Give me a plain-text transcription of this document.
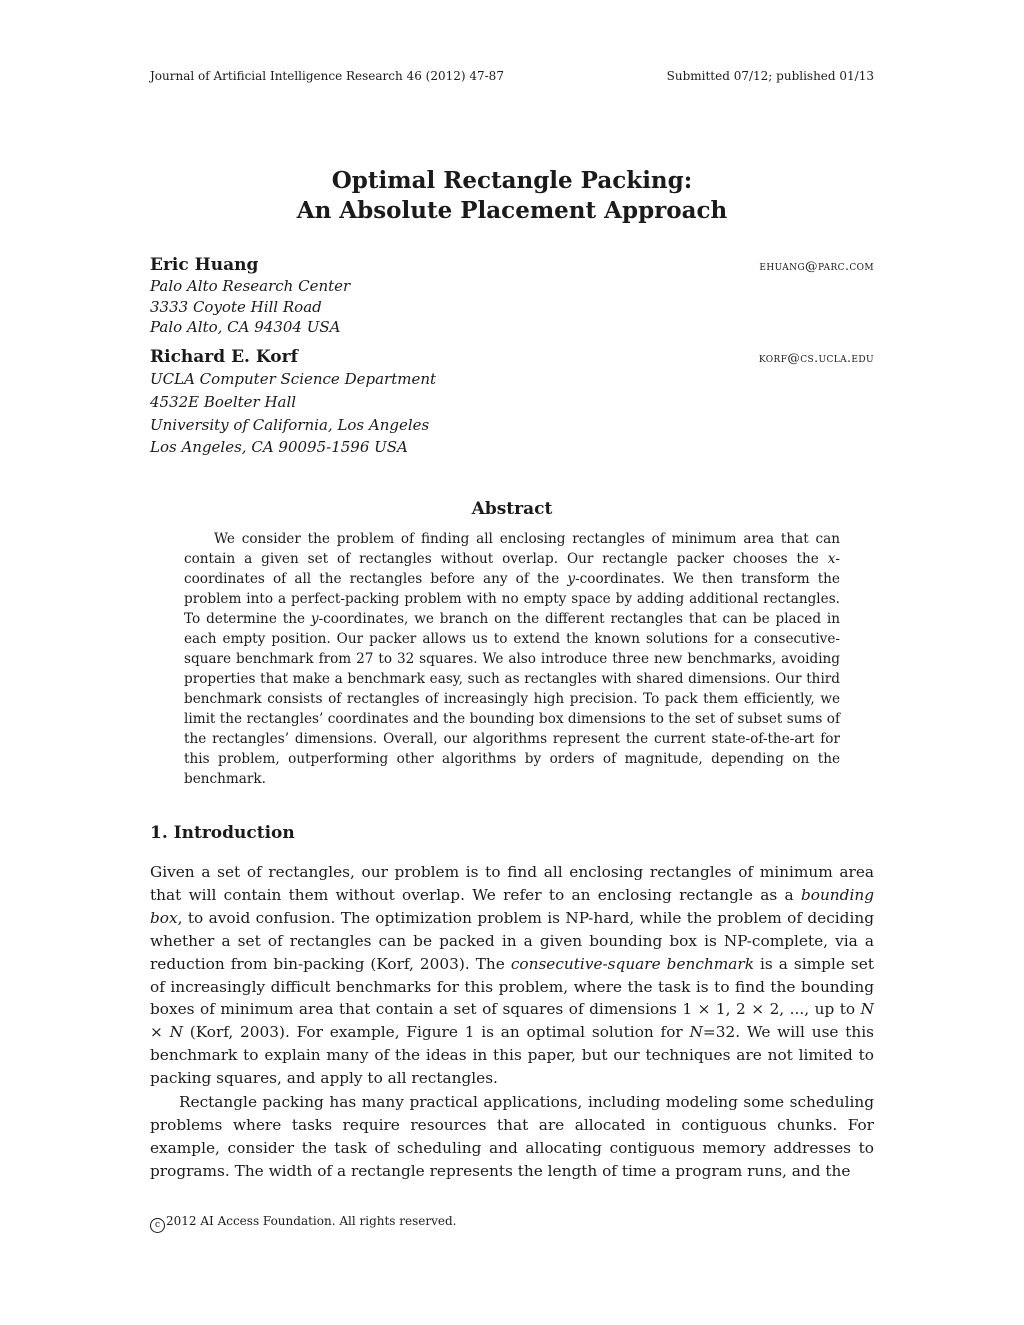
Journal of Artificial Intelligence Research 46 (2012) 47-87	Submitted 07/12; published 01/13
Optimal Rectangle Packing:
An Absolute Placement Approach
Eric Huang	ehuang@parc.com
Palo Alto Research Center
3333 Coyote Hill Road
Palo Alto, CA 94304 USA
Richard E. Korf	korf@cs.ucla.edu
UCLA Computer Science Department
4532E Boelter Hall
University of California, Los Angeles
Los Angeles, CA 90095-1596 USA
Abstract

We consider the problem of finding all enclosing rectangles of minimum area that can contain a given set of rectangles without overlap. Our rectangle packer chooses the x-coordinates of all the rectangles before any of the y-coordinates. We then transform the problem into a perfect-packing problem with no empty space by adding additional rectangles. To determine the y-coordinates, we branch on the different rectangles that can be placed in each empty position. Our packer allows us to extend the known solutions for a consecutive-square benchmark from 27 to 32 squares. We also introduce three new benchmarks, avoiding properties that make a benchmark easy, such as rectangles with shared dimensions. Our third benchmark consists of rectangles of increasingly high precision. To pack them efficiently, we limit the rectangles’ coordinates and the bounding box dimensions to the set of subset sums of the rectangles’ dimensions. Overall, our algorithms represent the current state-of-the-art for this problem, outperforming other algorithms by orders of magnitude, depending on the benchmark.

1. Introduction

Given a set of rectangles, our problem is to find all enclosing rectangles of minimum area that will contain them without overlap. We refer to an enclosing rectangle as a bounding box, to avoid confusion. The optimization problem is NP-hard, while the problem of deciding whether a set of rectangles can be packed in a given bounding box is NP-complete, via a reduction from bin-packing (Korf, 2003). The consecutive-square benchmark is a simple set of increasingly difficult benchmarks for this problem, where the task is to find the bounding boxes of minimum area that contain a set of squares of dimensions 1 × 1, 2 × 2, ..., up to N × N (Korf, 2003). For example, Figure 1 is an optimal solution for N=32. We will use this benchmark to explain many of the ideas in this paper, but our techniques are not limited to packing squares, and apply to all rectangles.

Rectangle packing has many practical applications, including modeling some scheduling problems where tasks require resources that are allocated in contiguous chunks. For example, consider the task of scheduling and allocating contiguous memory addresses to programs. The width of a rectangle represents the length of time a program runs, and the

c 2012 AI Access Foundation. All rights reserved.
